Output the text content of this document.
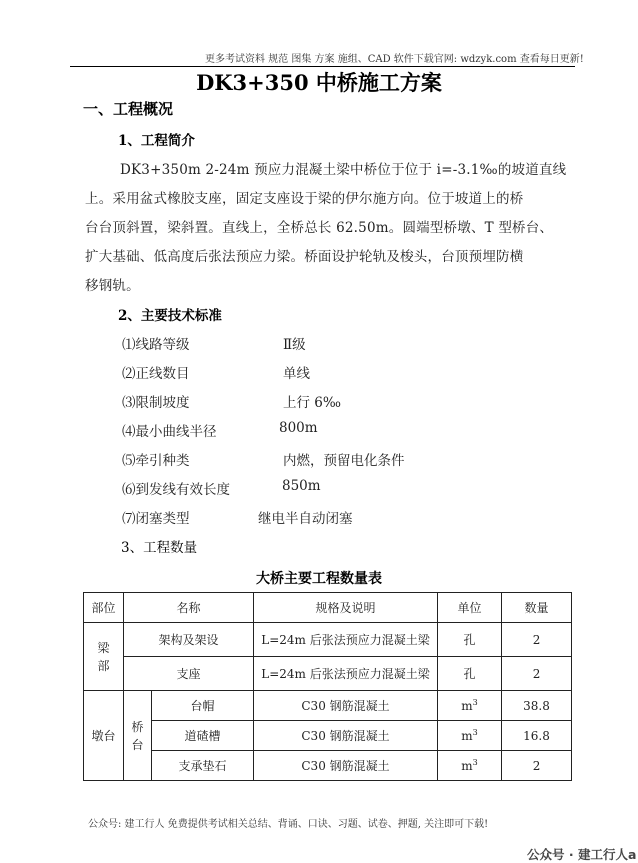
更多考试资料 规范 图集 方案 施组、CAD 软件下载官网: wdzyk.com 查看每日更新!
DK3+350 中桥施工方案
一、工程概况
1、工程简介
DK3+350m 2-24m 预应力混凝土梁中桥位于位于 i=-3.1‰的坡道直线
上。采用盆式橡胶支座，固定支座设于梁的伊尔施方向。位于坡道上的桥
台台顶斜置，梁斜置。直线上，全桥总长 62.50m。圆端型桥墩、T 型桥台、
扩大基础、低高度后张法预应力梁。桥面设护轮轨及梭头，台顶预埋防横
移钢轨。
2、主要技术标准
⑴线路等级	Ⅱ级
⑵正线数目	单线
⑶限制坡度	上行 6‰
⑷最小曲线半径	800m
⑸牵引种类	内燃，预留电化条件
⑹到发线有效长度	850m
⑺闭塞类型	继电半自动闭塞
3、工程数量
大桥主要工程数量表
部位	名称		规格及说明	单位	数量
梁部	架构及架设		L=24m 后张法预应力混凝土梁	孔	2
	支座		L=24m 后张法预应力混凝土梁	孔	2
墩台	桥台	台帽	C30 钢筋混凝土	$m^3$	38.8
		道碴槽	C30 钢筋混凝土	$m^3$	16.8
		支承垫石	C30 钢筋混凝土	$m^3$	2
公众号: 建工行人 免费提供考试相关总结、背诵、口诀、习题、试卷、押题, 关注即可下载!
公众号 · 建工行人a
